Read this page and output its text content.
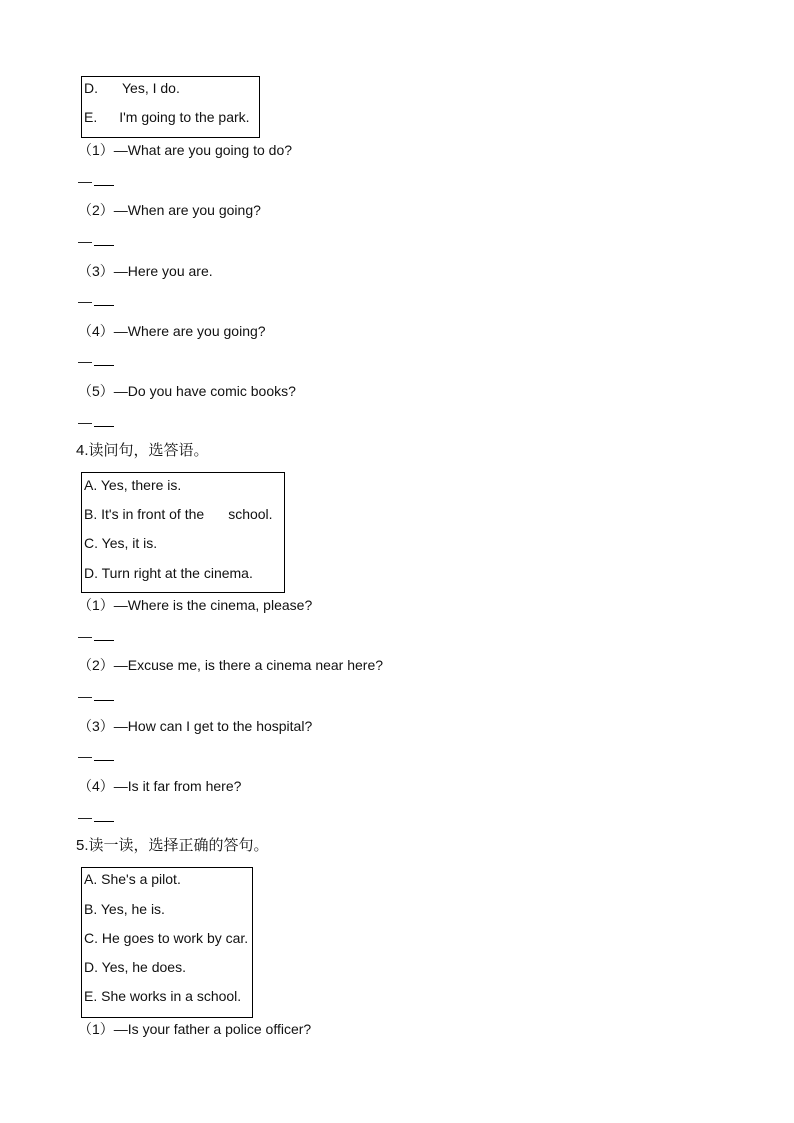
D. Yes, I do.
E. I'm going to the park.
（1）—What are you going to do?
—
（2）—When are you going?
—
（3）—Here you are.
—
（4）—Where are you going?
—
（5）—Do you have comic books?
—
4.读问句，选答语。
A. Yes, there is.
B. It's in front of the school.
C. Yes, it is.
D. Turn right at the cinema.
（1）—Where is the cinema, please?
—
（2）—Excuse me, is there a cinema near here?
—
（3）—How can I get to the hospital?
—
（4）—Is it far from here?
—
5.读一读，选择正确的答句。
A. She's a pilot.
B. Yes, he is.
C. He goes to work by car.
D. Yes, he does.
E. She works in a school.
（1）—Is your father a police officer?
